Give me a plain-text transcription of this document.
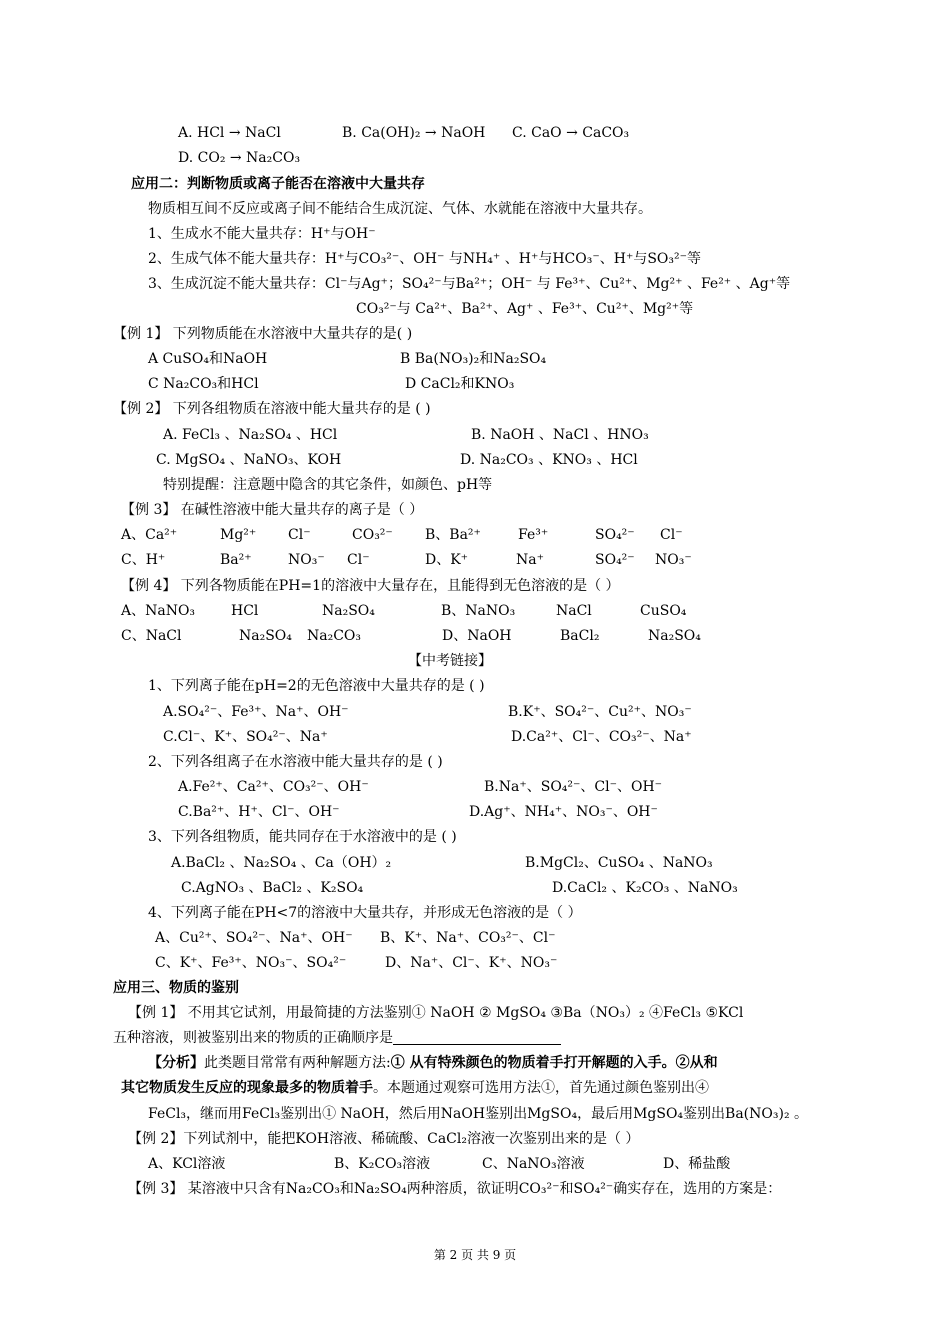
A. HCl → NaCl	B. Ca(OH)₂ → NaOH C. CaO → CaCO₃
D. CO₂ → Na₂CO₃
应用二：判断物质或离子能否在溶液中大量共存
物质相互间不反应或离子间不能结合生成沉淀、气体、水就能在溶液中大量共存。
1、生成水不能大量共存：H⁺与OH⁻
2、生成气体不能大量共存：H⁺与CO₃²⁻、OH⁻ 与NH₄⁺ 、H⁺与HCO₃⁻、H⁺与SO₃²⁻等
3、生成沉淀不能大量共存：Cl⁻与Ag⁺；SO₄²⁻与Ba²⁺；OH⁻ 与 Fe³⁺、Cu²⁺、Mg²⁺ 、Fe²⁺ 、Ag⁺等
CO₃²⁻与 Ca²⁺、Ba²⁺、Ag⁺ 、Fe³⁺、Cu²⁺、Mg²⁺等
【例 1】 下列物质能在水溶液中大量共存的是( )
A CuSO₄和NaOH	B Ba(NO₃)₂和Na₂SO₄
C Na₂CO₃和HCl	D CaCl₂和KNO₃
【例 2】 下列各组物质在溶液中能大量共存的是 ( )
A. FeCl₃ 、Na₂SO₄ 、HCl	B. NaOH 、NaCl 、HNO₃
C. MgSO₄ 、NaNO₃、KOH	D. Na₂CO₃ 、KNO₃ 、HCl
特别提醒：注意题中隐含的其它条件，如颜色、pH等
【例 3】 在碱性溶液中能大量共存的离子是（ ）
A、Ca²⁺	Mg²⁺ Cl⁻	CO₃²⁻ B、Ba²⁺	Fe³⁺	SO₄²⁻ Cl⁻
C、H⁺	Ba²⁺	NO₃⁻ Cl⁻	D、K⁺	Na⁺	SO₄²⁻ NO₃⁻
【例 4】 下列各物质能在PH=1的溶液中大量存在，且能得到无色溶液的是（ ）
A、NaNO₃	HCl	Na₂SO₄	B、NaNO₃	NaCl	CuSO₄
C、NaCl	Na₂SO₄ Na₂CO₃	D、NaOH	BaCl₂	Na₂SO₄
【中考链接】
1、下列离子能在pH=2的无色溶液中大量共存的是 ( )
A.SO₄²⁻、Fe³⁺、Na⁺、OH⁻	B.K⁺、SO₄²⁻、Cu²⁺、NO₃⁻
C.Cl⁻、K⁺、SO₄²⁻、Na⁺	D.Ca²⁺、Cl⁻、CO₃²⁻、Na⁺
2、下列各组离子在水溶液中能大量共存的是 ( )
A.Fe²⁺、Ca²⁺、CO₃²⁻、OH⁻	B.Na⁺、SO₄²⁻、Cl⁻、OH⁻
C.Ba²⁺、H⁺、Cl⁻、OH⁻	D.Ag⁺、NH₄⁺、NO₃⁻、OH⁻
3、下列各组物质，能共同存在于水溶液中的是 ( )
A.BaCl₂ 、Na₂SO₄ 、Ca（OH）₂	B.MgCl₂、CuSO₄ 、NaNO₃
C.AgNO₃ 、BaCl₂ 、K₂SO₄	D.CaCl₂ 、K₂CO₃ 、NaNO₃
4、下列离子能在PH<7的溶液中大量共存，并形成无色溶液的是（ ）
A、Cu²⁺、SO₄²⁻、Na⁺、OH⁻ B、K⁺、Na⁺、CO₃²⁻、Cl⁻
C、K⁺、Fe³⁺、NO₃⁻、SO₄²⁻	D、Na⁺、Cl⁻、K⁺、NO₃⁻
应用三、物质的鉴别
【例 1】 不用其它试剂，用最简捷的方法鉴别① NaOH ② MgSO₄ ③Ba（NO₃）₂ ④FeCl₃ ⑤KCl
五种溶液，则被鉴别出来的物质的正确顺序是
【分析】此类题目常常有两种解题方法:① 从有特殊颜色的物质着手打开解题的入手。②从和
其它物质发生反应的现象最多的物质着手。本题通过观察可选用方法①，首先通过颜色鉴别出④
FeCl₃，继而用FeCl₃鉴别出① NaOH，然后用NaOH鉴别出MgSO₄，最后用MgSO₄鉴别出Ba(NO₃)₂ 。
【例 2】下列试剂中，能把KOH溶液、稀硫酸、CaCl₂溶液一次鉴别出来的是（ ）
A、KCl溶液	B、K₂CO₃溶液	C、NaNO₃溶液	D、稀盐酸
【例 3】 某溶液中只含有Na₂CO₃和Na₂SO₄两种溶质，欲证明CO₃²⁻和SO₄²⁻确实存在，选用的方案是：
第 2 页 共 9 页
